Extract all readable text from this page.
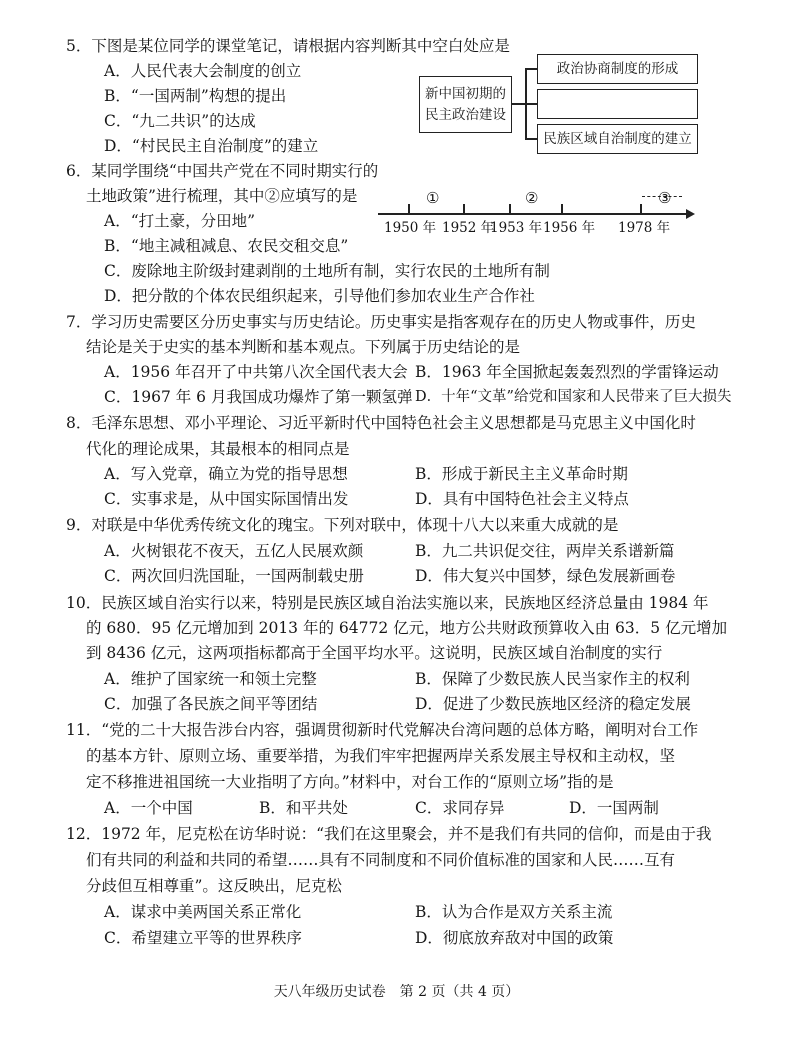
5．下图是某位同学的课堂笔记，请根据内容判断其中空白处应是
A．人民代表大会制度的创立
B．“一国两制”构想的提出
C．“九二共识”的达成
D．“村民民主自治制度”的建立
新中国初期的
民主政治建设
政治协商制度的形成
民族区域自治制度的建立
6．某同学围绕“中国共产党在不同时期实行的
土地政策”进行梳理，其中②应填写的是
A．“打土豪，分田地”
B．“地主减租减息、农民交租交息”
C．废除地主阶级封建剥削的土地所有制，实行农民的土地所有制
D．把分散的个体农民组织起来，引导他们参加农业生产合作社
①	②	③
1950 年 1952 年
1953 年 1956 年 1978 年
7．学习历史需要区分历史事实与历史结论。历史事实是指客观存在的历史人物或事件，历史
结论是关于史实的基本判断和基本观点。下列属于历史结论的是
A．1956 年召开了中共第八次全国代表大会 B．1963 年全国掀起轰轰烈烈的学雷锋运动
C．1967 年 6 月我国成功爆炸了第一颗氢弹 D．十年“文革”给党和国家和人民带来了巨大损失
8．毛泽东思想、邓小平理论、习近平新时代中国特色社会主义思想都是马克思主义中国化时
代化的理论成果，其最根本的相同点是
A．写入党章，确立为党的指导思想	B．形成于新民主主义革命时期
C．实事求是，从中国实际国情出发	D．具有中国特色社会主义特点
9．对联是中华优秀传统文化的瑰宝。下列对联中，体现十八大以来重大成就的是
A．火树银花不夜天，五亿人民展欢颜	B．九二共识促交往，两岸关系谱新篇
C．两次回归洗国耻，一国两制载史册	D．伟大复兴中国梦，绿色发展新画卷
10．民族区域自治实行以来，特别是民族区域自治法实施以来，民族地区经济总量由 1984 年
的 680．95 亿元增加到 2013 年的 64772 亿元，地方公共财政预算收入由 63．5 亿元增加
到 8436 亿元，这两项指标都高于全国平均水平。这说明，民族区域自治制度的实行
A．维护了国家统一和领土完整	B．保障了少数民族人民当家作主的权利
C．加强了各民族之间平等团结	D．促进了少数民族地区经济的稳定发展
11．“党的二十大报告涉台内容，强调贯彻新时代党解决台湾问题的总体方略，阐明对台工作
的基本方针、原则立场、重要举措，为我们牢牢把握两岸关系发展主导权和主动权，坚
定不移推进祖国统一大业指明了方向。”材料中，对台工作的“原则立场”指的是
A．一个中国	B．和平共处	C．求同存异	D．一国两制
12．1972 年，尼克松在访华时说：“我们在这里聚会，并不是我们有共同的信仰，而是由于我
们有共同的利益和共同的希望……具有不同制度和不同价值标准的国家和人民……互有
分歧但互相尊重”。这反映出，尼克松
A．谋求中美两国关系正常化	B．认为合作是双方关系主流
C．希望建立平等的世界秩序	D．彻底放弃敌对中国的政策
天八年级历史试卷　第 2 页（共 4 页）
